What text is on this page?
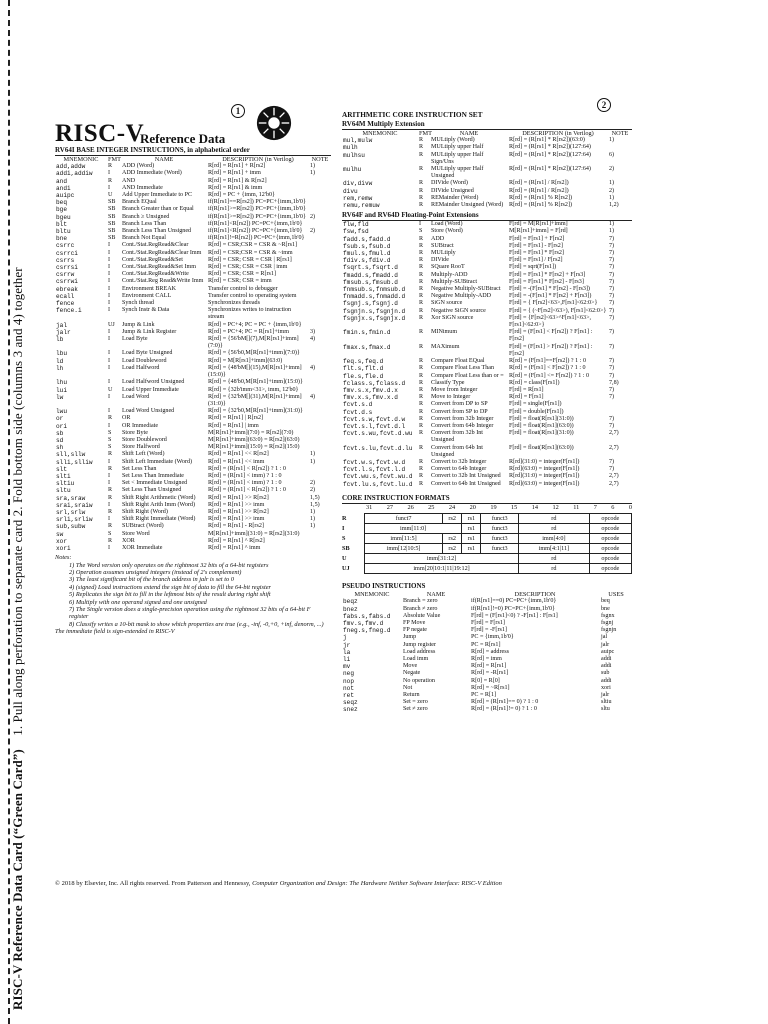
RISC-V Reference Data Card (“Green Card”)    1. Pull along perforation to separate card 2. Fold bottom side (columns 3 and 4) together
1
RISC-V
Reference Data
RV64I BASE INTEGER INSTRUCTIONS, in alphabetical order
MNEMONIC	FMT	NAME	DESCRIPTION (in Verilog)	NOTE
add,addw	R	ADD (Word)	R[rd] = R[rs1] + R[rs2]	1)
addi,addiw	I	ADD Immediate (Word)	R[rd] = R[rs1] + imm	1)
and	R	AND	R[rd] = R[rs1] & R[rs2]	
andi	I	AND Immediate	R[rd] = R[rs1] & imm	
auipc	U	Add Upper Immediate to PC	R[rd] = PC + {imm, 12'b0}	
beq	SB	Branch EQual	if(R[rs1]==R[rs2]) PC=PC+{imm,1b'0}	
bge	SB	Branch Greater than or Equal	if(R[rs1]>=R[rs2]) PC=PC+{imm,1b'0}	
bgeu	SB	Branch ≥ Unsigned	if(R[rs1]>=R[rs2]) PC=PC+{imm,1b'0}	2)
blt	SB	Branch Less Than	if(R[rs1]<R[rs2]) PC=PC+{imm,1b'0}	
bltu	SB	Branch Less Than Unsigned	if(R[rs1]<R[rs2]) PC=PC+{imm,1b'0}	2)
bne	SB	Branch Not Equal	if(R[rs1]!=R[rs2]) PC=PC+{imm,1b'0}	
csrrc	I	Cont./Stat.RegRead&Clear	R[rd] = CSR;CSR = CSR & ~R[rs1]	
csrrci	I	Cont./Stat.RegRead&Clear Imm	R[rd] = CSR;CSR = CSR & ~imm	
csrrs	I	Cont./Stat.RegRead&Set	R[rd] = CSR; CSR = CSR | R[rs1]	
csrrsi	I	Cont./Stat.RegRead&Set Imm	R[rd] = CSR; CSR = CSR | imm	
csrrw	I	Cont./Stat.RegRead&Write	R[rd] = CSR; CSR = R[rs1]	
csrrwi	I	Cont./Stat.Reg Read&Write Imm	R[rd] = CSR; CSR = imm	
ebreak	I	Environment BREAK	Transfer control to debugger	
ecall	I	Environment CALL	Transfer control to operating system	
fence	I	Synch thread	Synchronizes threads	
fence.i	I	Synch Instr & Data	Synchronizes writes to instruction stream	
jal	UJ	Jump & Link	R[rd] = PC+4; PC = PC + {imm,1b'0}	
jalr	I	Jump & Link Register	R[rd] = PC+4; PC = R[rs1]+imm	3)
lb	I	Load Byte	R[rd] = {56'bM[](7),M[R[rs1]+imm](7:0)}	4)
lbu	I	Load Byte Unsigned	R[rd] = {56'b0,M[R[rs1]+imm](7:0)}	
ld	I	Load Doubleword	R[rd] = M[R[rs1]+imm](63:0)	
lh	I	Load Halfword	R[rd] = {48'bM[](15),M[R[rs1]+imm](15:0)}	4)
lhu	I	Load Halfword Unsigned	R[rd] = {48'b0,M[R[rs1]+imm](15:0)}	
lui	U	Load Upper Immediate	R[rd] = {32b'imm<31>, imm, 12'b0}	
lw	I	Load Word	R[rd] = {32'bM[](31),M[R[rs1]+imm](31:0)}	4)
lwu	I	Load Word Unsigned	R[rd] = {32'b0,M[R[rs1]+imm](31:0)}	
or	R	OR	R[rd] = R[rs1] | R[rs2]	
ori	I	OR Immediate	R[rd] = R[rs1] | imm	
sb	S	Store Byte	M[R[rs1]+imm](7:0) = R[rs2](7:0)	
sd	S	Store Doubleword	M[R[rs1]+imm](63:0) = R[rs2](63:0)	
sh	S	Store Halfword	M[R[rs1]+imm](15:0) = R[rs2](15:0)	
sll,sllw	R	Shift Left (Word)	R[rd] = R[rs1] << R[rs2]	1)
slli,slliw	I	Shift Left Immediate (Word)	R[rd] = R[rs1] << imm	1)
slt	R	Set Less Than	R[rd] = (R[rs1] < R[rs2]) ? 1 : 0	
slti	I	Set Less Than Immediate	R[rd] = (R[rs1] < imm) ? 1 : 0	
sltiu	I	Set < Immediate Unsigned	R[rd] = (R[rs1] < imm) ? 1 : 0	2)
sltu	R	Set Less Than Unsigned	R[rd] = (R[rs1] < R[rs2]) ? 1 : 0	2)
sra,sraw	R	Shift Right Arithmetic (Word)	R[rd] = R[rs1] >> R[rs2]	1,5)
srai,sraiw	I	Shift Right Arith Imm (Word)	R[rd] = R[rs1] >> imm	1,5)
srl,srlw	R	Shift Right (Word)	R[rd] = R[rs1] >> R[rs2]	1)
srli,srliw	I	Shift Right Immediate (Word)	R[rd] = R[rs1] >> imm	1)
sub,subw	R	SUBtract (Word)	R[rd] = R[rs1] - R[rs2]	1)
sw	S	Store Word	M[R[rs1]+imm](31:0) = R[rs2](31:0)	
xor	R	XOR	R[rd] = R[rs1] ^ R[rs2]	
xori	I	XOR Immediate	R[rd] = R[rs1] ^ imm	
Notes:
1) The Word version only operates on the rightmost 32 bits of a 64-bit registers
2) Operation assumes unsigned integers (instead of 2's complement)
3) The least significant bit of the branch address in jalr is set to 0
4) (signed) Load instructions extend the sign bit of data to fill the 64-bit register
5) Replicates the sign bit to fill in the leftmost bits of the result during right shift
6) Multiply with one operand signed and one unsigned
7) The Single version does a single-precision operation using the rightmost 32 bits of a 64-bit F register
8) Classify writes a 10-bit mask to show which properties are true (e.g., -inf, -0,+0, +inf, denorm, ...)
The immediate field is sign-extended in RISC-V
2
ARITHMETIC CORE INSTRUCTION SET
RV64M Multiply Extension
MNEMONIC	FMT	NAME	DESCRIPTION (in Verilog)	NOTE
mul,mulw	R	MULtiply (Word)	R[rd] = (R[rs1] * R[rs2])(63:0)	1)
mulh	R	MULtiply upper Half	R[rd] = (R[rs1] * R[rs2])(127:64)	
mulhsu	R	MULtiply upper Half Sign/Uns	R[rd] = (R[rs1] * R[rs2])(127:64)	6)
mulhu	R	MULtiply upper Half Unsigned	R[rd] = (R[rs1] * R[rs2])(127:64)	2)
div,divw	R	DIVide (Word)	R[rd] = (R[rs1] / R[rs2])	1)
divu	R	DIVide Unsigned	R[rd] = (R[rs1] / R[rs2])	2)
rem,remw	R	REMainder (Word)	R[rd] = (R[rs1] % R[rs2])	1)
remu,remuw	R	REMainder Unsigned (Word)	R[rd] = (R[rs1] % R[rs2])	1,2)
RV64F and RV64D Floating-Point Extensions
flw,fld	I	Load (Word)	F[rd] = M[R[rs1]+imm]	1)
fsw,fsd	S	Store (Word)	M[R[rs1]+imm] = F[rd]	1)
fadd.s,fadd.d	R	ADD	F[rd] = F[rs1] + F[rs2]	7)
fsub.s,fsub.d	R	SUBtract	F[rd] = F[rs1] - F[rs2]	7)
fmul.s,fmul.d	R	MULtiply	F[rd] = F[rs1] * F[rs2]	7)
fdiv.s,fdiv.d	R	DIVide	F[rd] = F[rs1] / F[rs2]	7)
fsqrt.s,fsqrt.d	R	SQuare RooT	F[rd] = sqrt(F[rs1])	7)
fmadd.s,fmadd.d	R	Multiply-ADD	F[rd] = F[rs1] * F[rs2] + F[rs3]	7)
fmsub.s,fmsub.d	R	Multiply-SUBtract	F[rd] = F[rs1] * F[rs2] - F[rs3]	7)
fnmsub.s,fnmsub.d	R	Negative Multiply-SUBtract	F[rd] = -(F[rs1] * F[rs2] - F[rs3])	7)
fnmadd.s,fnmadd.d	R	Negative Multiply-ADD	F[rd] = -(F[rs1] * F[rs2] + F[rs3])	7)
fsgnj.s,fsgnj.d	R	SiGN source	F[rd] = { F[rs2]<63>,F[rs1]<62:0>}	7)
fsgnjn.s,fsgnjn.d	R	Negative SiGN source	F[rd] = { (~F[rs2]<63>), F[rs1]<62:0>}	7)
fsgnjx.s,fsgnjx.d	R	Xor SiGN source	F[rd] = {F[rs2]<63>^F[rs1]<63>, F[rs1]<62:0>}	7)
fmin.s,fmin.d	R	MINimum	F[rd] = (F[rs1] < F[rs2]) ? F[rs1] : F[rs2]	7)
fmax.s,fmax.d	R	MAXimum	F[rd] = (F[rs1] > F[rs2]) ? F[rs1] : F[rs2]	7)
feq.s,feq.d	R	Compare Float EQual	R[rd] = (F[rs1]==F[rs2]) ? 1 : 0	7)
flt.s,flt.d	R	Compare Float Less Than	R[rd] = (F[rs1] < F[rs2]) ? 1 : 0	7)
fle.s,fle.d	R	Compare Float Less than or =	R[rd] = (F[rs1] <= F[rs2]) ? 1 : 0	7)
fclass.s,fclass.d	R	Classify Type	R[rd] = class(F[rs1])	7,8)
fmv.s.x,fmv.d.x	R	Move from Integer	F[rd] = R[rs1]	7)
fmv.x.s,fmv.x.d	R	Move to Integer	R[rd] = F[rs1]	7)
fcvt.s.d	R	Convert from DP to SP	F[rd] = single(F[rs1])	
fcvt.d.s	R	Convert from SP to DP	F[rd] = double(F[rs1])	
fcvt.s.w,fcvt.d.w	R	Convert from 32b Integer	F[rd] = float(R[rs1](31:0))	7)
fcvt.s.l,fcvt.d.l	R	Convert from 64b Integer	F[rd] = float(R[rs1](63:0))	7)
fcvt.s.wu,fcvt.d.wu	R	Convert from 32b Int Unsigned	F[rd] = float(R[rs1](31:0))	2,7)
fcvt.s.lu,fcvt.d.lu	R	Convert from 64b Int Unsigned	F[rd] = float(R[rs1](63:0))	2,7)
fcvt.w.s,fcvt.w.d	R	Convert to 32b Integer	R[rd](31:0) = integer(F[rs1])	7)
fcvt.l.s,fcvt.l.d	R	Convert to 64b Integer	R[rd](63:0) = integer(F[rs1])	7)
fcvt.wu.s,fcvt.wu.d	R	Convert to 32b Int Unsigned	R[rd](31:0) = integer(F[rs1])	2,7)
fcvt.lu.s,fcvt.lu.d	R	Convert to 64b Int Unsigned	R[rd](63:0) = integer(F[rs1])	2,7)
CORE INSTRUCTION FORMATS
31 27 26 25 24 20 19 15 14 12 11 7 6 0
R	funct7	rs2	rs1	funct3	rd	opcode
I	imm[11:0]		rs1	funct3	rd	opcode
S	imm[11:5]	rs2	rs1	funct3	imm[4:0]	opcode
SB	imm[12|10:5]	rs2	rs1	funct3	imm[4:1|11]	opcode
U	imm[31:12]				rd	opcode
UJ	imm[20|10:1|11|19:12]				rd	opcode
PSEUDO INSTRUCTIONS
MNEMONIC	NAME	DESCRIPTION	USES
beqz	Branch = zero	if(R[rs1]==0) PC=PC+{imm,1b'0}	beq
bnez	Branch ≠ zero	if(R[rs1]!=0) PC=PC+{imm,1b'0}	bne
fabs.s,fabs.d	Absolute Value	F[rd] = (F[rs1]<0) ? -F[rs1] : F[rs1]	fsgnx
fmv.s,fmv.d	FP Move	F[rd] = F[rs1]	fsgnj
fneg.s,fneg.d	FP negate	F[rd] = -F[rs1]	fsgnjn
j	Jump	PC = {imm,1b'0}	jal
jr	Jump register	PC = R[rs1]	jalr
la	Load address	R[rd] = address	auipc
li	Load imm	R[rd] = imm	addi
mv	Move	R[rd] = R[rs1]	addi
neg	Negate	R[rd] = -R[rs1]	sub
nop	No operation	R[0] = R[0]	addi
not	Not	R[rd] = ~R[rs1]	xori
ret	Return	PC = R[1]	jalr
seqz	Set = zero	R[rd] = (R[rs1]== 0) ? 1 : 0	sltiu
snez	Set ≠ zero	R[rd] = (R[rs1]!= 0) ? 1 : 0	sltu
© 2018 by Elsevier, Inc. All rights reserved. From Patterson and Hennessy, Computer Organization and Design: The Hardware Neither Software Interface: RISC-V Edition
